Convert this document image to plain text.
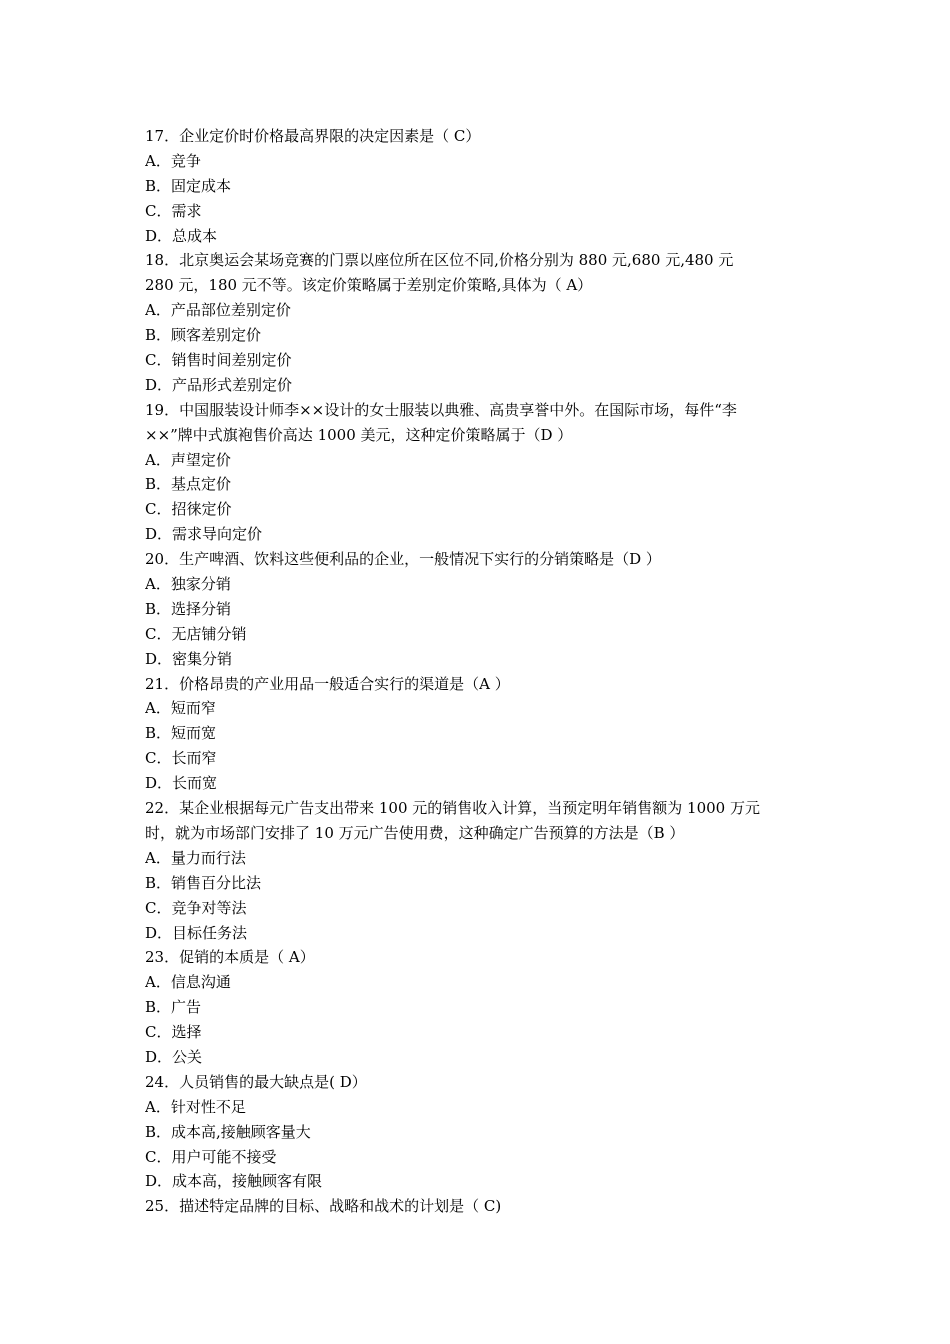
17．企业定价时价格最高界限的决定因素是（ C）
A．竞争
B．固定成本
C．需求
D．总成本
18．北京奥运会某场竞赛的门票以座位所在区位不同,价格分别为 880 元,680 元,480 元
280 元，180 元不等。该定价策略属于差别定价策略,具体为（ A）
A．产品部位差别定价
B．顾客差别定价
C．销售时间差别定价
D．产品形式差别定价
19．中国服装设计师李××设计的女士服装以典雅、高贵享誉中外。在国际市场，每件“李
××”牌中式旗袍售价高达 1000 美元，这种定价策略属于（D ）
A．声望定价
B．基点定价
C．招徕定价
D．需求导向定价
20．生产啤酒、饮料这些便利品的企业，一般情况下实行的分销策略是（D ）
A．独家分销
B．选择分销
C．无店铺分销
D．密集分销
21．价格昂贵的产业用品一般适合实行的渠道是（A ）
A．短而窄
B．短而宽
C．长而窄
D．长而宽
22．某企业根据每元广告支出带来 100 元的销售收入计算，当预定明年销售额为 1000 万元
时，就为市场部门安排了 10 万元广告使用费，这种确定广告预算的方法是（B ）
A．量力而行法
B．销售百分比法
C．竞争对等法
D．目标任务法
23．促销的本质是（ A）
A．信息沟通
B．广告
C．选择
D．公关
24．人员销售的最大缺点是( D）
A．针对性不足
B．成本高,接触顾客量大
C．用户可能不接受
D．成本高，接触顾客有限
25．描述特定品牌的目标、战略和战术的计划是（ C)
